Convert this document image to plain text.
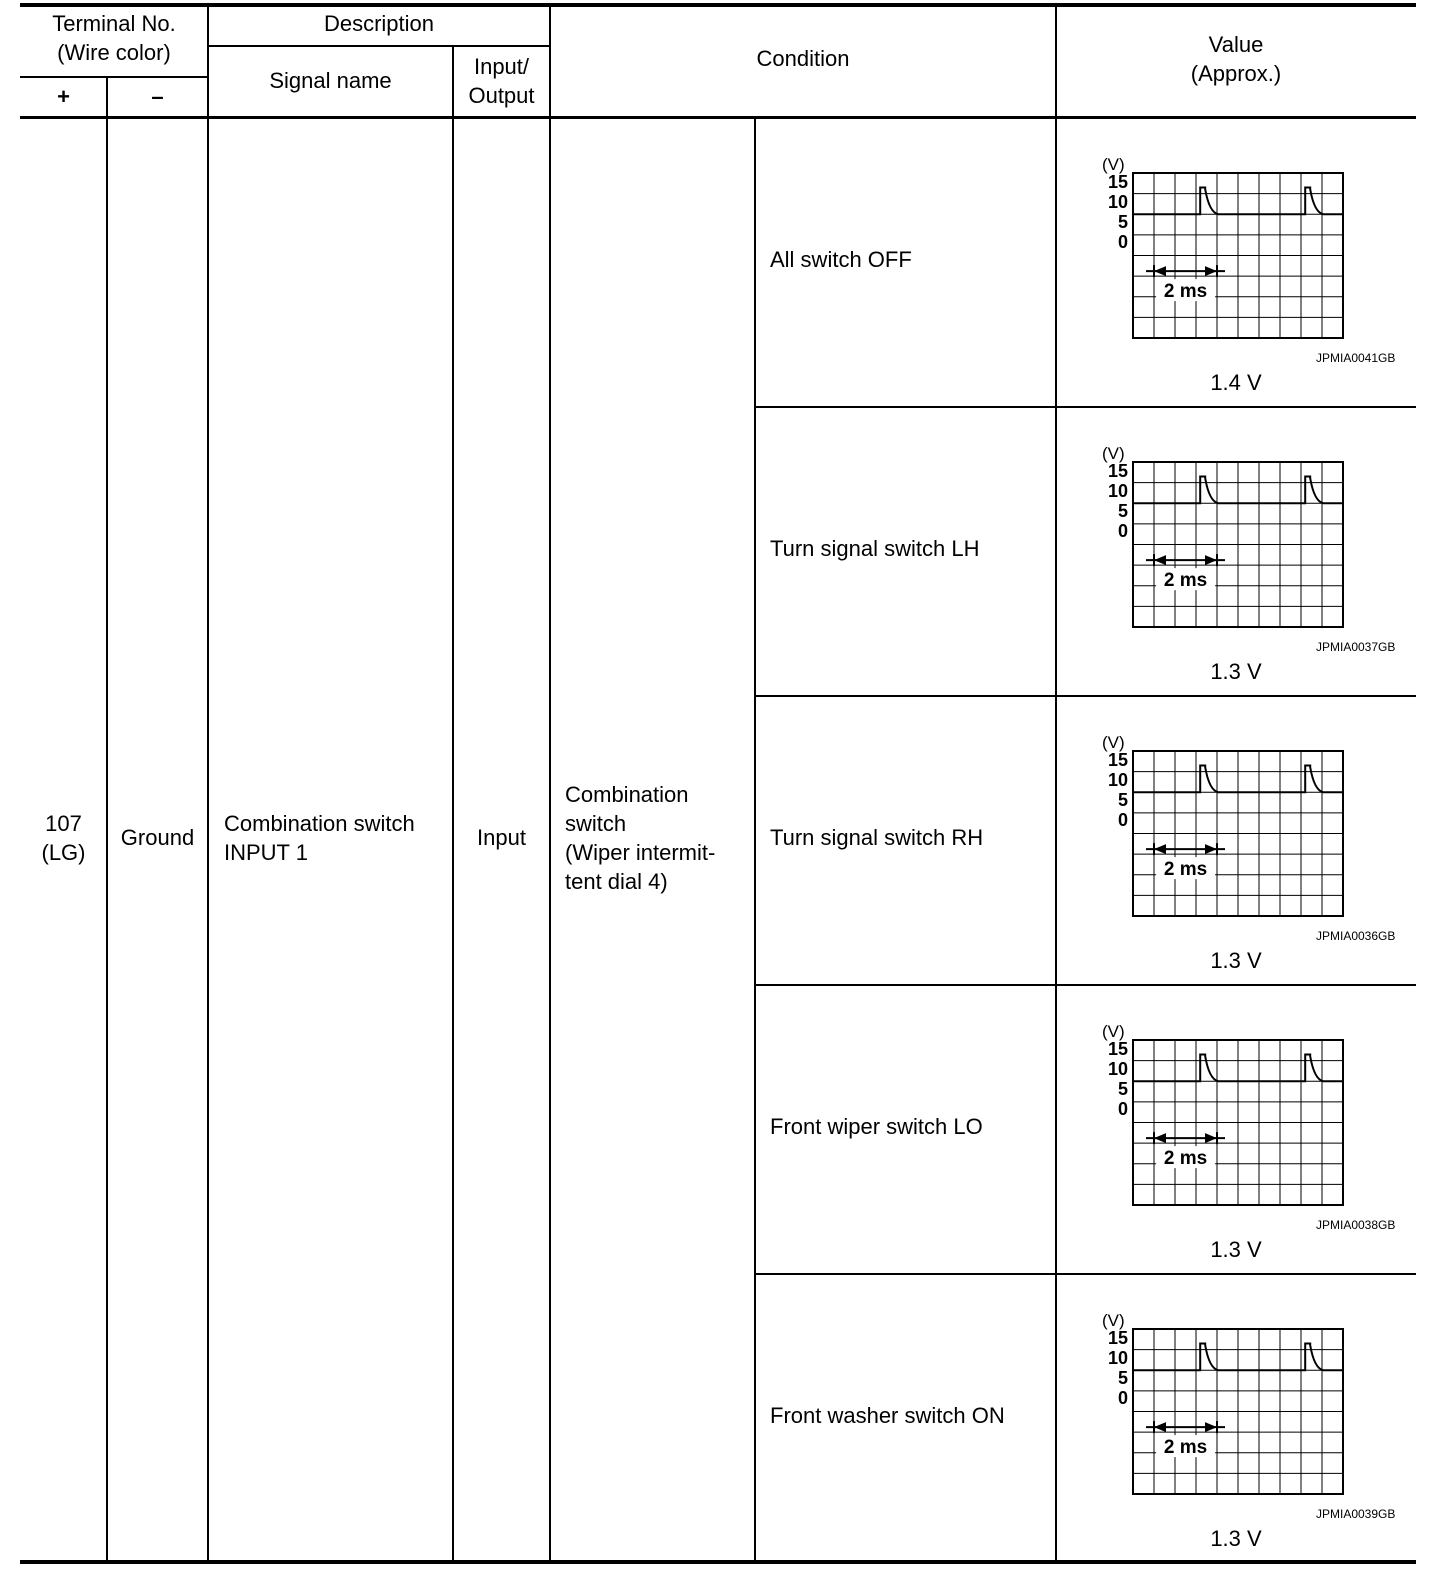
Terminal No.
(Wire color)
+	–
Description
Signal name
Input/
Output
Condition
Value
(Approx.)
107
(LG)
Ground
Combination switch
INPUT 1
Input
Combination
switch
(Wiper intermit-
tent dial 4)
All switch OFF
(V)
15
10
5
0
2 ms
JPMIA0041GB
1.4 V
Turn signal switch LH
(V)
15
10
5
0
2 ms
JPMIA0037GB
1.3 V
Turn signal switch RH
(V)
15
10
5
0
2 ms
JPMIA0036GB
1.3 V
Front wiper switch LO
(V)
15
10
5
0
2 ms
JPMIA0038GB
1.3 V
Front washer switch ON
(V)
15
10
5
0
2 ms
JPMIA0039GB
1.3 V
